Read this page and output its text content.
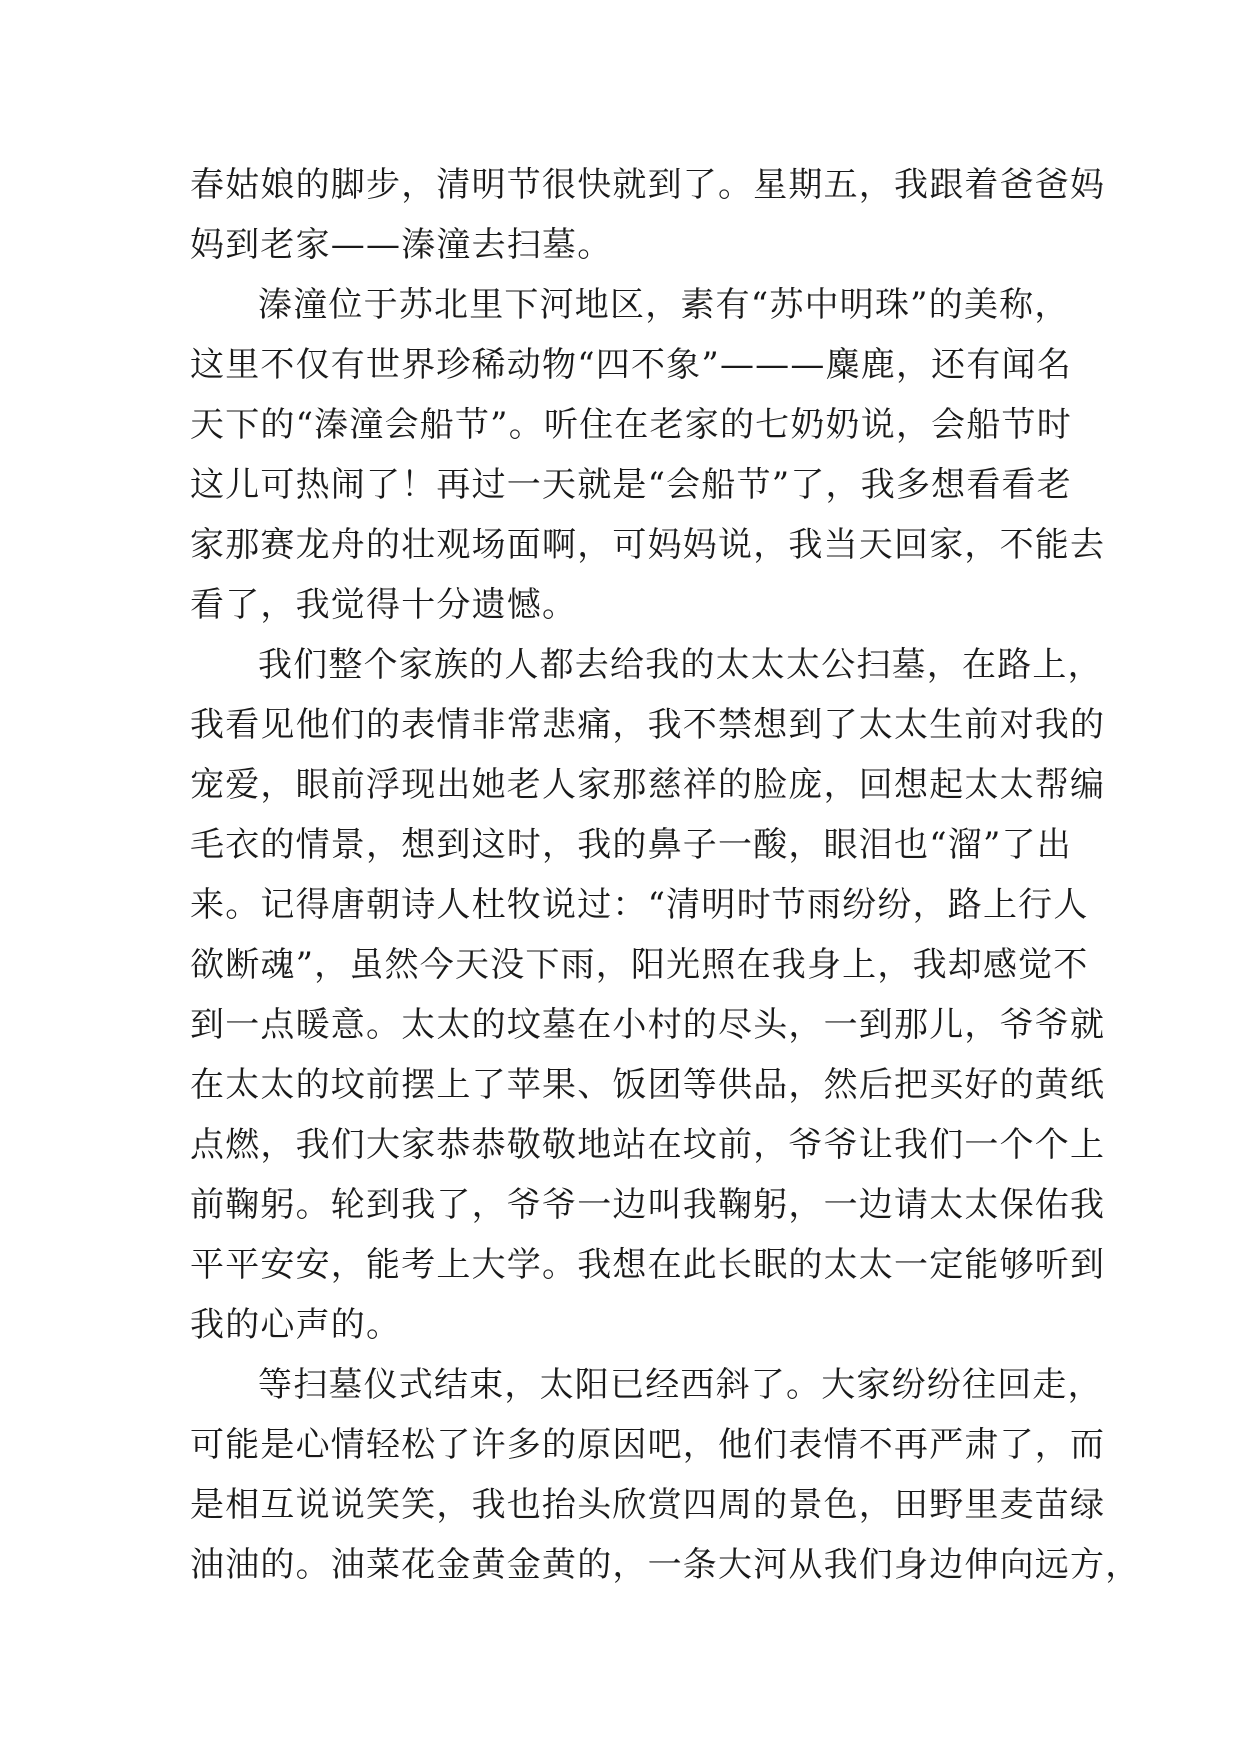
春姑娘的脚步，清明节很快就到了。星期五，我跟着爸爸妈
妈到老家——溱潼去扫墓。
溱潼位于苏北里下河地区，素有“苏中明珠”的美称，
这里不仅有世界珍稀动物“四不象”———麋鹿，还有闻名
天下的“溱潼会船节”。听住在老家的七奶奶说，会船节时
这儿可热闹了！再过一天就是“会船节”了，我多想看看老
家那赛龙舟的壮观场面啊，可妈妈说，我当天回家，不能去
看了，我觉得十分遗憾。
我们整个家族的人都去给我的太太太公扫墓，在路上，
我看见他们的表情非常悲痛，我不禁想到了太太生前对我的
宠爱，眼前浮现出她老人家那慈祥的脸庞，回想起太太帮编
毛衣的情景，想到这时，我的鼻子一酸，眼泪也“溜”了出
来。记得唐朝诗人杜牧说过：“清明时节雨纷纷，路上行人
欲断魂”，虽然今天没下雨，阳光照在我身上，我却感觉不
到一点暖意。太太的坟墓在小村的尽头，一到那儿，爷爷就
在太太的坟前摆上了苹果、饭团等供品，然后把买好的黄纸
点燃，我们大家恭恭敬敬地站在坟前，爷爷让我们一个个上
前鞠躬。轮到我了，爷爷一边叫我鞠躬，一边请太太保佑我
平平安安，能考上大学。我想在此长眠的太太一定能够听到
我的心声的。
等扫墓仪式结束，太阳已经西斜了。大家纷纷往回走，
可能是心情轻松了许多的原因吧，他们表情不再严肃了，而
是相互说说笑笑，我也抬头欣赏四周的景色，田野里麦苗绿
油油的。油菜花金黄金黄的，一条大河从我们身边伸向远方，
